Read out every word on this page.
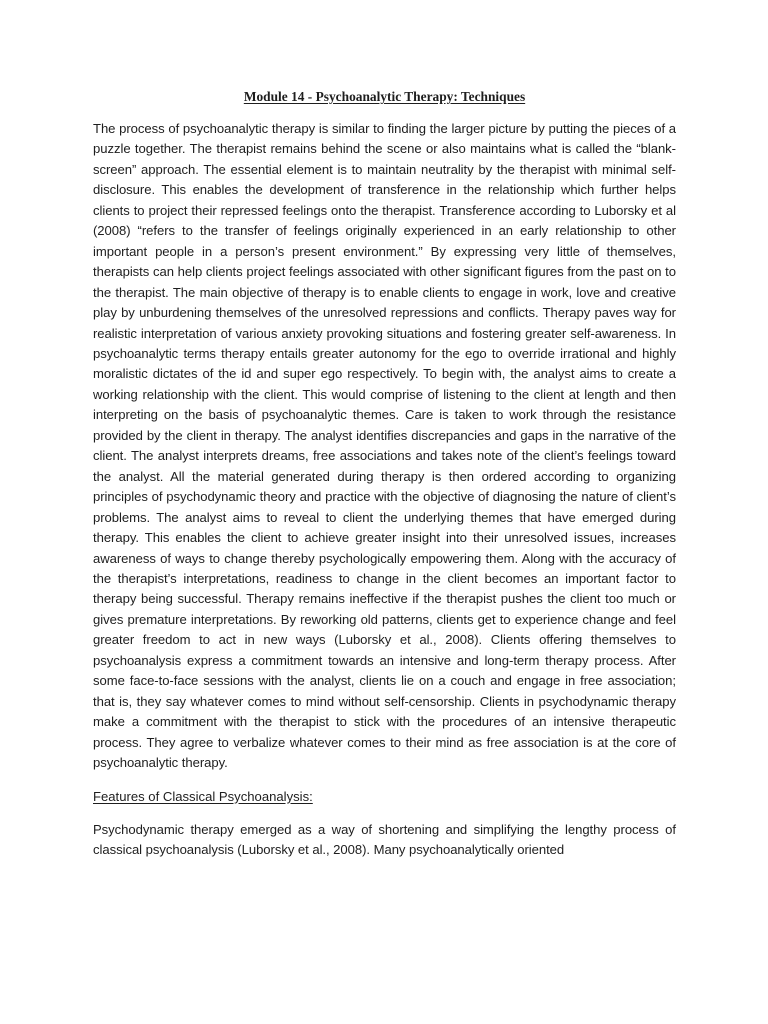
Module 14 - Psychoanalytic Therapy: Techniques

The process of psychoanalytic therapy is similar to finding the larger picture by putting the pieces of a puzzle together. The therapist remains behind the scene or also maintains what is called the “blank-screen” approach. The essential element is to maintain neutrality by the therapist with minimal self-disclosure. This enables the development of transference in the relationship which further helps clients to project their repressed feelings onto the therapist. Transference according to Luborsky et al (2008) “refers to the transfer of feelings originally experienced in an early relationship to other important people in a person’s present environment.” By expressing very little of themselves, therapists can help clients project feelings associated with other significant figures from the past on to the therapist. The main objective of therapy is to enable clients to engage in work, love and creative play by unburdening themselves of the unresolved repressions and conflicts. Therapy paves way for realistic interpretation of various anxiety provoking situations and fostering greater self-awareness. In psychoanalytic terms therapy entails greater autonomy for the ego to override irrational and highly moralistic dictates of the id and super ego respectively. To begin with, the analyst aims to create a working relationship with the client. This would comprise of listening to the client at length and then interpreting on the basis of psychoanalytic themes. Care is taken to work through the resistance provided by the client in therapy. The analyst identifies discrepancies and gaps in the narrative of the client. The analyst interprets dreams, free associations and takes note of the client’s feelings toward the analyst. All the material generated during therapy is then ordered according to organizing principles of psychodynamic theory and practice with the objective of diagnosing the nature of client’s problems. The analyst aims to reveal to client the underlying themes that have emerged during therapy. This enables the client to achieve greater insight into their unresolved issues, increases awareness of ways to change thereby psychologically empowering them. Along with the accuracy of the therapist’s interpretations, readiness to change in the client becomes an important factor to therapy being successful. Therapy remains ineffective if the therapist pushes the client too much or gives premature interpretations. By reworking old patterns, clients get to experience change and feel greater freedom to act in new ways (Luborsky et al., 2008). Clients offering themselves to psychoanalysis express a commitment towards an intensive and long-term therapy process. After some face-to-face sessions with the analyst, clients lie on a couch and engage in free association; that is, they say whatever comes to mind without self-censorship. Clients in psychodynamic therapy make a commitment with the therapist to stick with the procedures of an intensive therapeutic process. They agree to verbalize whatever comes to their mind as free association is at the core of psychoanalytic therapy.

Features of Classical Psychoanalysis:

Psychodynamic therapy emerged as a way of shortening and simplifying the lengthy process of classical psychoanalysis (Luborsky et al., 2008). Many psychoanalytically oriented
